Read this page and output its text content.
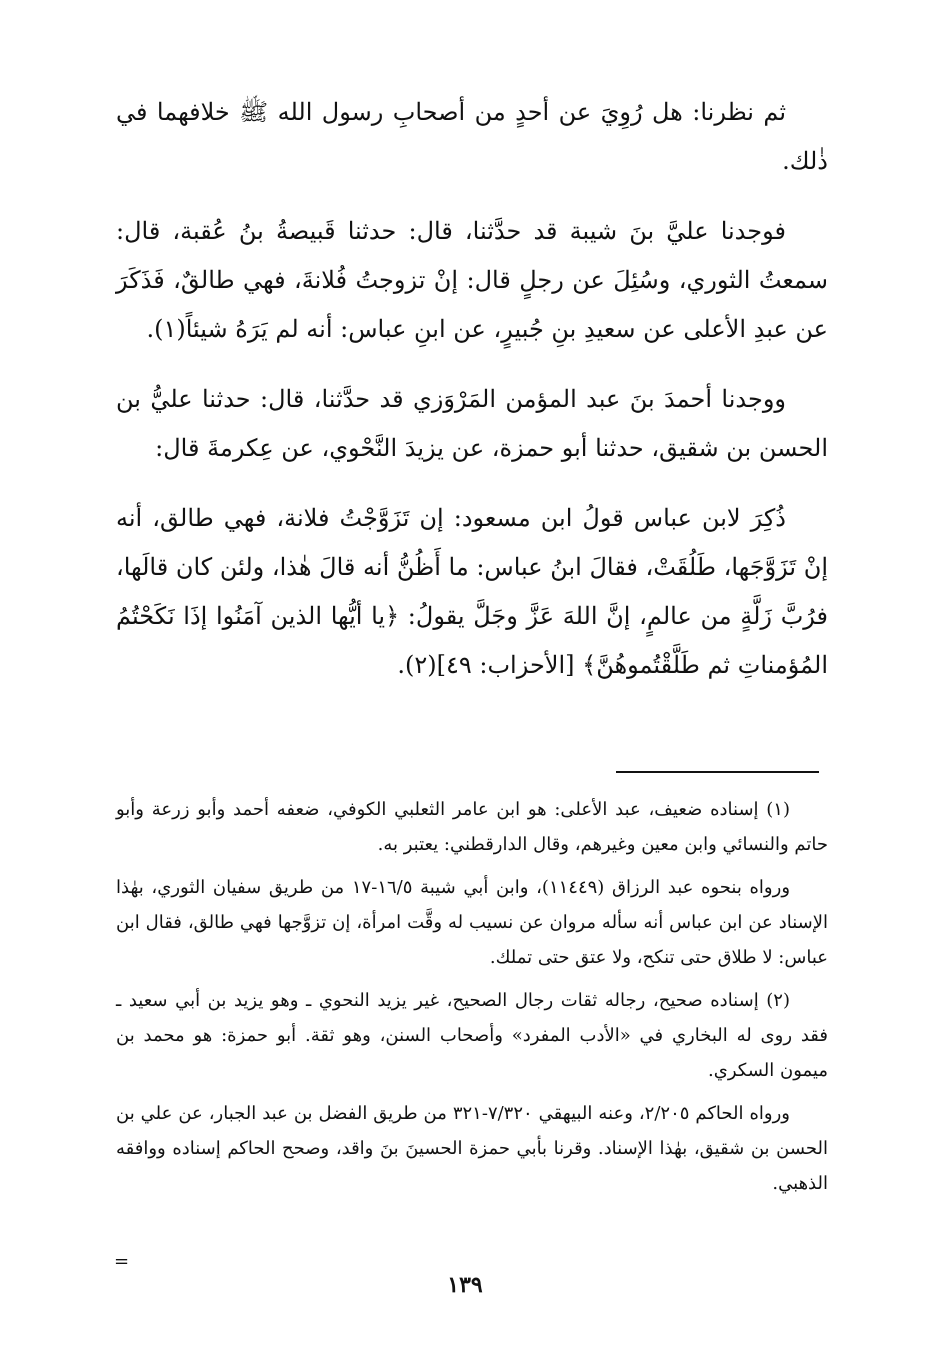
ثم نظرنا: هل رُوِيَ عن أحدٍ من أصحابِ رسول الله ﷺ خلافهما في ذٰلك.

فوجدنا عليَّ بنَ شيبة قد حدَّثنا، قال: حدثنا قَبيصةُ بنُ عُقبة، قال: سمعتُ الثوري، وسُئِلَ عن رجلٍ قال: إنْ تزوجتُ فُلانةَ، فهي طالقٌ، فَذَكَرَ عن عبدِ الأعلى عن سعيدِ بنِ جُبيرٍ، عن ابنِ عباس: أنه لم يَرَهُ شيئاً(١).

ووجدنا أحمدَ بنَ عبد المؤمن المَرْوَزي قد حدَّثنا، قال: حدثنا عليُّ بن الحسن بن شقيق، حدثنا أبو حمزة، عن يزيدَ النَّحْوي، عن عِكرمةَ قال:

ذُكِرَ لابن عباس قولُ ابن مسعود: إن تَزَوَّجْتُ فلانة، فهي طالق، أنه إنْ تَزَوَّجَها، طَلُقَتْ، فقالَ ابنُ عباس: ما أَظُنُّ أنه قالَ هٰذا، ولئن كان قالَها، فرُبَّ زَلَّةٍ من عالمٍ، إنَّ اللهَ عَزَّ وجَلَّ يقولُ: ﴿يا أيُّها الذين آمَنُوا إذَا نَكَحْتُمُ المُؤمناتِ ثم طَلَّقْتُموهُنَّ﴾ [الأحزاب: ٤٩](٢).

(١) إسناده ضعيف، عبد الأعلى: هو ابن عامر الثعلبي الكوفي، ضعفه أحمد وأبو زرعة وأبو حاتم والنسائي وابن معين وغيرهم، وقال الدارقطني: يعتبر به.

ورواه بنحوه عبد الرزاق (١١٤٤٩)، وابن أبي شيبة ١٦/٥-١٧ من طريق سفيان الثوري، بهٰذا الإسناد عن ابن عباس أنه سأله مروان عن نسيب له وقَّت امرأة، إن تزوَّجها فهي طالق، فقال ابن عباس: لا طلاق حتى تنكح، ولا عتق حتى تملك.

(٢) إسناده صحيح، رجاله ثقات رجال الصحيح، غير يزيد النحوي ـ وهو يزيد بن أبي سعيد ـ فقد روى له البخاري في «الأدب المفرد» وأصحاب السنن، وهو ثقة. أبو حمزة: هو محمد بن ميمون السكري.

ورواه الحاكم ٢/٢٠٥، وعنه البيهقي ٧/٣٢٠-٣٢١ من طريق الفضل بن عبد الجبار، عن علي بن الحسن بن شقيق، بهٰذا الإسناد. وقرنا بأبي حمزة الحسينَ بنَ واقد، وصحح الحاكم إسناده ووافقه الذهبي.

=
١٣٩
